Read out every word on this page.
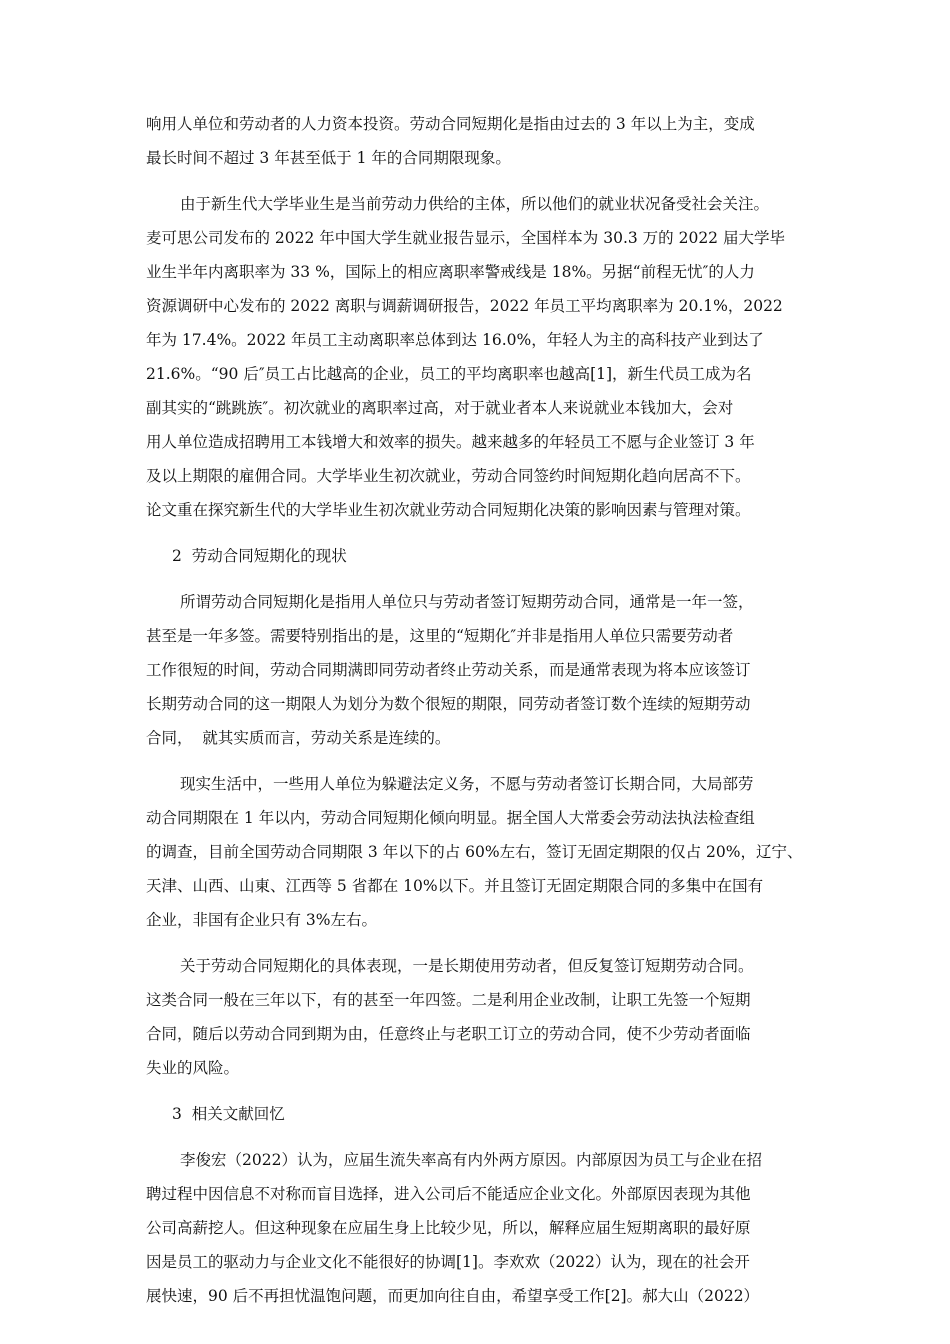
响用人单位和劳动者的人力资本投资。劳动合同短期化是指由过去的 3 年以上为主，变成
最长时间不超过 3 年甚至低于 1 年的合同期限现象。
由于新生代大学毕业生是当前劳动力供给的主体，所以他们的就业状况备受社会关注。
麦可思公司发布的 2022 年中国大学生就业报告显示，全国样本为 30.3 万的 2022 届大学毕
业生半年内离职率为 33 %，国际上的相应离职率警戒线是 18%。另据“前程无忧″的人力
资源调研中心发布的 2022 离职与调薪调研报告，2022 年员工平均离职率为 20.1%，2022
年为 17.4%。2022 年员工主动离职率总体到达 16.0%，年轻人为主的高科技产业到达了
21.6%。“90 后″员工占比越高的企业，员工的平均离职率也越高[1]，新生代员工成为名
副其实的“跳跳族″。初次就业的离职率过高，对于就业者本人来说就业本钱加大，会对
用人单位造成招聘用工本钱增大和效率的损失。越来越多的年轻员工不愿与企业签订 3 年
及以上期限的雇佣合同。大学毕业生初次就业，劳动合同签约时间短期化趋向居高不下。
论文重在探究新生代的大学毕业生初次就业劳动合同短期化决策的影响因素与管理对策。
2  劳动合同短期化的现状
所谓劳动合同短期化是指用人单位只与劳动者签订短期劳动合同，通常是一年一签，
甚至是一年多签。需要特别指出的是，这里的“短期化″并非是指用人单位只需要劳动者
工作很短的时间，劳动合同期满即同劳动者终止劳动关系，而是通常表现为将本应该签订
长期劳动合同的这一期限人为划分为数个很短的期限，同劳动者签订数个连续的短期劳动
合同，  就其实质而言，劳动关系是连续的。
现实生活中，一些用人单位为躲避法定义务，不愿与劳动者签订长期合同，大局部劳
动合同期限在 1 年以内，劳动合同短期化倾向明显。据全国人大常委会劳动法执法检查组
的调查，目前全国劳动合同期限 3 年以下的占 60%左右，签订无固定期限的仅占 20%，辽宁、
天津、山西、山東、江西等 5 省都在 10%以下。并且签订无固定期限合同的多集中在国有
企业，非国有企业只有 3%左右。
关于劳动合同短期化的具体表现，一是长期使用劳动者，但反复签订短期劳动合同。
这类合同一般在三年以下，有的甚至一年四签。二是利用企业改制，让职工先签一个短期
合同，随后以劳动合同到期为由，任意终止与老职工订立的劳动合同，使不少劳动者面临
失业的风险。
3  相关文献回忆
李俊宏（2022）认为，应届生流失率高有内外两方原因。内部原因为员工与企业在招
聘过程中因信息不对称而盲目选择，进入公司后不能适应企业文化。外部原因表现为其他
公司高薪挖人。但这种现象在应届生身上比较少见，所以，解释应届生短期离职的最好原
因是员工的驱动力与企业文化不能很好的协调[1]。李欢欢（2022）认为，现在的社会开
展快速，90 后不再担忧温饱问题，而更加向往自由，希望享受工作[2]。郝大山（2022）
